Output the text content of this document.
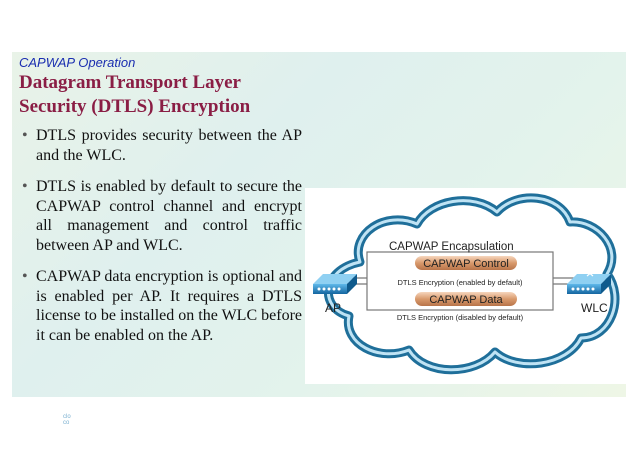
CAPWAP Operation
Datagram Transport Layer
Security (DTLS) Encryption
• DTLS provides security between the AP and the WLC.
• DTLS is enabled by default to secure the CAPWAP control channel and encrypt all management and control traffic between AP and WLC.
• CAPWAP data encryption is optional and is enabled per AP. It requires a DTLS license to be installed on the WLC before it can be enabled on the AP.
clo
co
CAPWAP Encapsulation
CAPWAP Control
DTLS Encryption (enabled by default)
CAPWAP Data
DTLS Encryption (disabled by default)
AP	WLC
